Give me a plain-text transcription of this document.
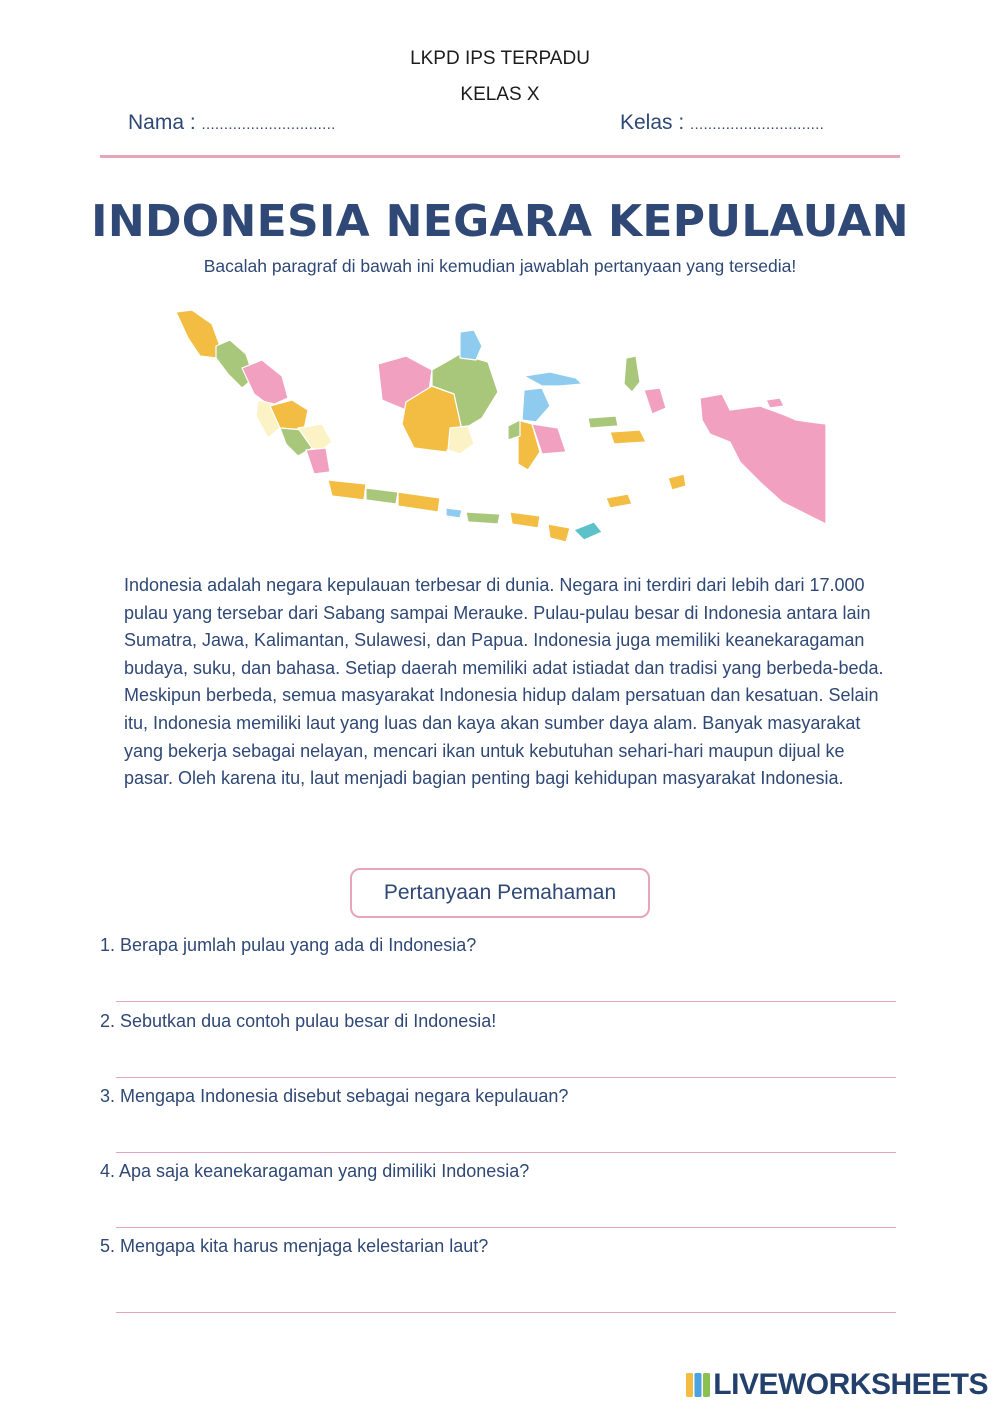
LKPD IPS TERPADU
KELAS X
Nama : ..............................	Kelas : ..............................
INDONESIA NEGARA KEPULAUAN
Bacalah paragraf di bawah ini kemudian jawablah pertanyaan yang tersedia!

Indonesia adalah negara kepulauan terbesar di dunia. Negara ini terdiri dari lebih dari 17.000 pulau yang tersebar dari Sabang sampai Merauke. Pulau-pulau besar di Indonesia antara lain Sumatra, Jawa, Kalimantan, Sulawesi, dan Papua. Indonesia juga memiliki keanekaragaman budaya, suku, dan bahasa. Setiap daerah memiliki adat istiadat dan tradisi yang berbeda-beda. Meskipun berbeda, semua masyarakat Indonesia hidup dalam persatuan dan kesatuan. Selain itu, Indonesia memiliki laut yang luas dan kaya akan sumber daya alam. Banyak masyarakat yang bekerja sebagai nelayan, mencari ikan untuk kebutuhan sehari-hari maupun dijual ke pasar. Oleh karena itu, laut menjadi bagian penting bagi kehidupan masyarakat Indonesia.

Pertanyaan Pemahaman
1. Berapa jumlah pulau yang ada di Indonesia?
2. Sebutkan dua contoh pulau besar di Indonesia!
3. Mengapa Indonesia disebut sebagai negara kepulauan?
4. Apa saja keanekaragaman yang dimiliki Indonesia?
5. Mengapa kita harus menjaga kelestarian laut?
LIVEWORKSHEETS
